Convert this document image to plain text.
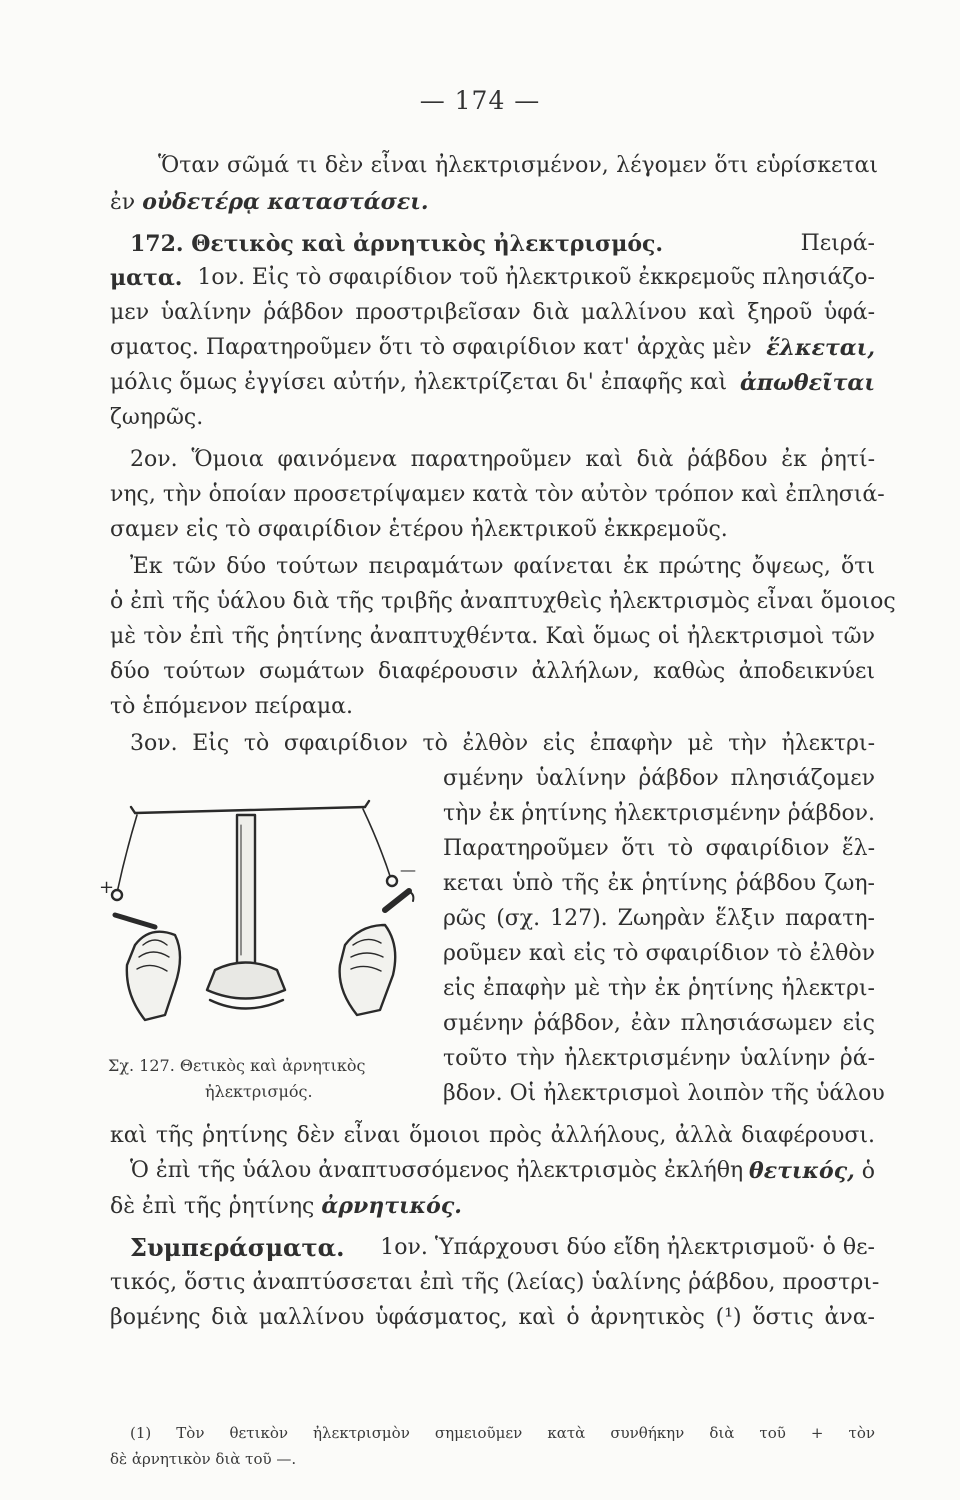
— 174 —
Ὅταν σῶμά τι δὲν εἶναι ἠλεκτρισμένον, λέγομεν ὅτι εὑρίσκεται
ἐν οὐδετέρᾳ καταστάσει.
172. Θετικὸς καὶ ἀρνητικὸς ἠλεκτρισμός.	Πειρά-
ματα. 1ον. Εἰς τὸ σφαιρίδιον τοῦ ἠλεκτρικοῦ ἐκκρεμοῦς πλησιάζο-
μεν ὑαλίνην ῥάβδον προστριβεῖσαν διὰ μαλλίνου καὶ ξηροῦ ὑφά-
σματος. Παρατηροῦμεν ὅτι τὸ σφαιρίδιον κατ' ἀρχὰς μὲν ἕλκεται,
μόλις ὅμως ἐγγίσει αὐτήν, ἠλεκτρίζεται δι' ἐπαφῆς καὶ ἀπωθεῖται
ζωηρῶς.
2ον. Ὅμοια φαινόμενα παρατηροῦμεν καὶ διὰ ῥάβδου ἐκ ῥητί-
νης, τὴν ὁποίαν προσετρίψαμεν κατὰ τὸν αὐτὸν τρόπον καὶ ἐπλησιά-
σαμεν εἰς τὸ σφαιρίδιον ἑτέρου ἠλεκτρικοῦ ἐκκρεμοῦς.
Ἐκ τῶν δύο τούτων πειραμάτων φαίνεται ἐκ πρώτης ὄψεως, ὅτι
ὁ ἐπὶ τῆς ὑάλου διὰ τῆς τριβῆς ἀναπτυχθεὶς ἠλεκτρισμὸς εἶναι ὅμοιος
μὲ τὸν ἐπὶ τῆς ῥητίνης ἀναπτυχθέντα. Καὶ ὅμως οἱ ἠλεκτρισμοὶ τῶν
δύο τούτων σωμάτων διαφέρουσιν ἀλλήλων, καθὼς ἀποδεικνύει
τὸ ἑπόμενον πείραμα.
3ον. Εἰς τὸ σφαιρίδιον τὸ ἐλθὸν εἰς ἐπαφὴν μὲ τὴν ἠλεκτρι-
σμένην ὑαλίνην ῥάβδον πλησιάζομεν
τὴν ἐκ ῥητίνης ἠλεκτρισμένην ῥάβδον.
Παρατηροῦμεν ὅτι τὸ σφαιρίδιον ἕλ-
κεται ὑπὸ τῆς ἐκ ῥητίνης ῥάβδου ζωη-
ρῶς (σχ. 127). Ζωηρὰν ἕλξιν παρατη-
ροῦμεν καὶ εἰς τὸ σφαιρίδιον τὸ ἐλθὸν
εἰς ἐπαφὴν μὲ τὴν ἐκ ῥητίνης ἠλεκτρι-
σμένην ῥάβδον, ἐὰν πλησιάσωμεν εἰς
τοῦτο τὴν ἠλεκτρισμένην ὑαλίνην ῥά-
βδον. Οἱ ἠλεκτρισμοὶ λοιπὸν τῆς ὑάλου
+
—
Σχ. 127. Θετικὸς καὶ ἀρνητικὸς
ἠλεκτρισμός.
καὶ τῆς ῥητίνης δὲν εἶναι ὅμοιοι πρὸς ἀλλήλους, ἀλλὰ διαφέρουσι.
Ὁ ἐπὶ τῆς ὑάλου ἀναπτυσσόμενος ἠλεκτρισμὸς ἐκλήθη θετικός, ὁ
δὲ ἐπὶ τῆς ῥητίνης ἀρνητικός.
Συμπεράσματα. 1ον. Ὑπάρχουσι δύο εἴδη ἠλεκτρισμοῦ· ὁ θε-
τικός, ὅστις ἀναπτύσσεται ἐπὶ τῆς (λείας) ὑαλίνης ῥάβδου, προστρι-
βομένης διὰ μαλλίνου ὑφάσματος, καὶ ὁ ἀρνητικὸς (¹) ὅστις ἀνα-
(1) Τὸν θετικὸν ἠλεκτρισμὸν σημειοῦμεν κατὰ συνθήκην διὰ τοῦ + τὸν
δὲ ἀρνητικὸν διὰ τοῦ —.
